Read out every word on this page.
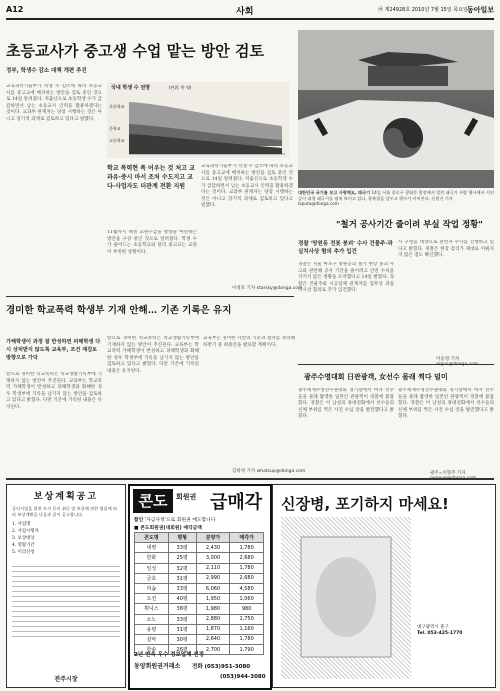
A12	사회	㉮ 제24928호 2010년 7월 15일 목요일 동아일보
초등교사가 중고생 수업 맡는 방안 검토
정부, 학생수 감소 대책 개편 추진
국내 학생 수 전망	(단위: 만 명)
초등학교
중학교
고등학교
교육과학기술부가 학생 수 감소에 따라 초등교사를 중고교에 배치하는 방안을 검토 중인 것으로 14일 알려졌다. 저출산으로 초등학생 수가 급감하면서 남는 초등교사 인력을 활용하겠다는 것이다. 교과부 관계자는 당장 시행하는 것은 아니고 장기적 과제로 검토하고 있다고 말했다.
학교 폭력현 폭 어우는 것 처고 교과유·중시 마서 조처 수도지고 교다·사업자도 더관계 전환 지원
11월까지 책정 교원수급을 방향을 마련하는 방안을 구상 중인 것으로 알려졌다. 학생 수가 줄어드는 초등학교와 달리 중고교는 교원이 부족한 상황이다.
교육과학기술부가 학생 수 감소에 따라 초등교사를 중고교에 배치하는 방안을 검토 중인 것으로 14일 알려졌다. 저출산으로 초등학생 수가 급감하면서 남는 초등교사 인력을 활용하겠다는 것이다. 교과부 관계자는 당장 시행하는 것은 아니고 장기적 과제로 검토하고 있다고 말했다.
이성호 기자 starsky@donga.com
대한민국 국기를 보고 사랑해요, 태극기 14일 서울 종로구 광화문 광장에서 열린 태극기 사랑 행사에서 시민들이 대형 태극기를 펼쳐 보이고 있다. 광복절을 앞두고 행사가 이어진다. 신원건 기자 laputa@donga.com
"철거 공사기간 줄이려 부실 작업 정황"
경찰 '망원동 전봇 붕괴' 수사 건물주·과실치사상 혐의 추가 입건
경찰은 서울 마포구 망원동의 철거 현장 붕괴 사고와 관련해 공사 기간을 줄이려고 안전 수칙을 지키지 않은 정황을 포착했다고 14일 밝혔다. 경찰은 건물주와 시공업체 관계자를 업무상 과실치사상 혐의로 추가 입건했다.
시 구청을 대상으로 관련자 수사를 진행하고 있다고 밝혔다. 경찰은 현장 감리가 제대로 이뤄지지 않은 점도 확인했다.
이동영 기자
경미한 학교폭력 학생부 기재 안해… 기존 기록은 유지
가해학생이 과정 잘 반성하면 피해학생 다시 상처받지 않도록 교육부, 조건 재검토 방향으로 가닥
앞으로 경미한 학교폭력은 학교생활기록부에 기재하지 않는 방안이 추진된다. 교육부는 학교폭력 가해학생이 반성하고 피해학생과 화해한 경우 학생부에 기록을 남기지 않는 방안을 검토하고 있다고 밝혔다. 다만 기존에 기록된 내용은 유지된다.
앞으로 경미한 학교폭력은 학교생활기록부에 기재하지 않는 방안이 추진된다. 교육부는 학교폭력 가해학생이 반성하고 피해학생과 화해한 경우 학생부에 기록을 남기지 않는 방안을 검토하고 있다고 밝혔다. 다만 기존에 기록된 내용은 유지된다.
교육부는 경미한 사안의 기준과 절차를 정리해 하반기 중 최종안을 발표할 계획이다.
김하경 기자 whatsup@donga.com
광주수영대회 日관광객, 女선수 몰래 찍다 덜미
광주세계수영선수권대회 경기장에서 여자 선수들을 몰래 촬영한 일본인 관광객이 경찰에 붙잡혔다. 경찰은 이 남성의 휴대전화에서 선수들의 신체 부위를 찍은 사진 수십 장을 발견했다고 밝혔다.
광주세계수영선수권대회 경기장에서 여자 선수들을 몰래 촬영한 일본인 관광객이 경찰에 붙잡혔다. 경찰은 이 남성의 휴대전화에서 선수들의 신체 부위를 찍은 사진 수십 장을 발견했다고 밝혔다.
광주=이형주 기자
보상계획공고
공익사업을 위한 토지 등의 취득 및 보상에 관한 법률에 따라 보상계획을 다음과 같이 공고합니다.
1. 사업명
2. 사업시행자
3. 보상대상
4. 열람기간
5. 이의신청
전주시장
콘도	회원권 급매각
할인 '자금사정'으로 회원권 매도합니다
■ 콘도회원권(대회원) 매각금액
콘도명	평형	분양가	매각가
대명	33평	2,430	1,780
한화	25평	3,000	2,680
일성	32평	2,110	1,780
금호	31평	2,990	2,680
리솜	33평	6,060	4,580
오션	40평	1,950	1,060
휘닉스	38평	1,980	980
소노	33평	2,880	1,750
용평	31평	1,870	1,160
설악	30평	2,640	1,780
한솔	26평	2,700	1,790
2년 연속 우수 정보업체 선정
동양회원권거래소 전화 (053)951-3080
(053)944-3080
신장병, 포기하지 마세요!
대구광역시 중구
Tel. 053-425-1770
